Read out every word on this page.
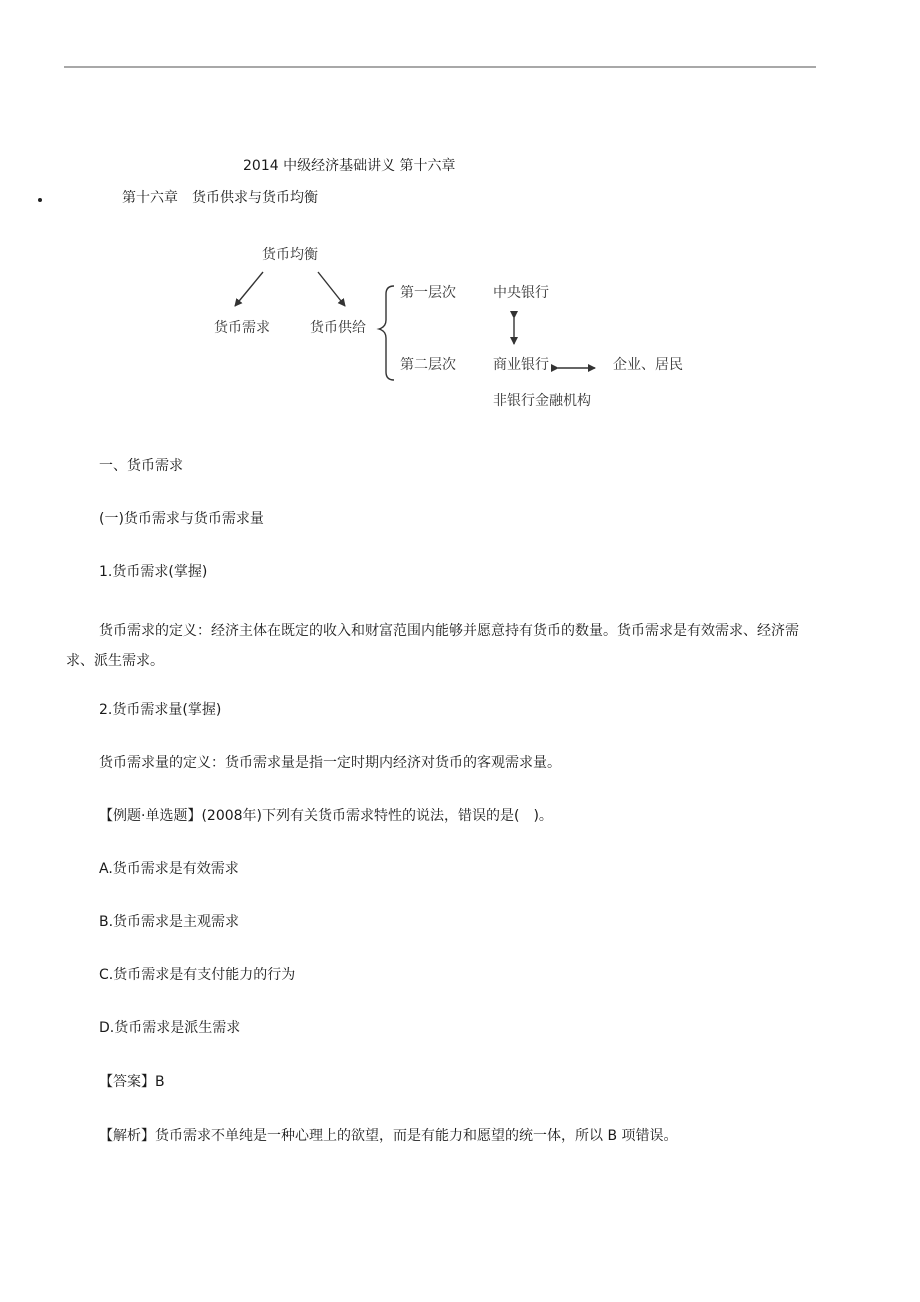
2014 中级经济基础讲义 第十六章
第十六章　货币供求与货币均衡
货币均衡
货币需求	货币供给
第一层次	中央银行
第二层次	商业银行	企业、居民
非银行金融机构
一、货币需求
(一)货币需求与货币需求量
1.货币需求(掌握)
货币需求的定义：经济主体在既定的收入和财富范围内能够并愿意持有货币的数量。货币需求是有效需求、经济需求、派生需求。
2.货币需求量(掌握)
货币需求量的定义：货币需求量是指一定时期内经济对货币的客观需求量。
【例题·单选题】(2008年)下列有关货币需求特性的说法，错误的是(　)。
A.货币需求是有效需求
B.货币需求是主观需求
C.货币需求是有支付能力的行为
D.货币需求是派生需求
【答案】B
【解析】货币需求不单纯是一种心理上的欲望，而是有能力和愿望的统一体，所以 B 项错误。
